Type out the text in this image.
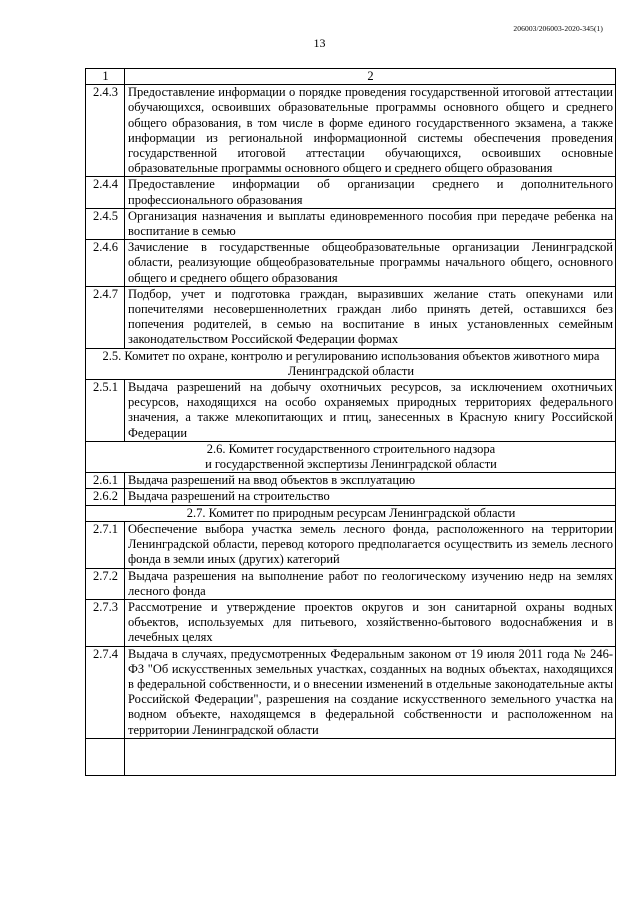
206003/206003-2020-345(1)
13
1	2
2.4.3	Предоставление информации о порядке проведения государственной итоговой аттестации обучающихся, освоивших образовательные программы основного общего и среднего общего образования, в том числе в форме единого государственного экзамена, а также информации из региональной информационной системы обеспечения проведения государственной итоговой аттестации обучающихся, освоивших основные образовательные программы основного общего и среднего общего образования
2.4.4	Предоставление информации об организации среднего и дополнительного профессионального образования
2.4.5	Организация назначения и выплаты единовременного пособия при передаче ребенка на воспитание в семью
2.4.6	Зачисление в государственные общеобразовательные организации Ленинградской области, реализующие общеобразовательные программы начального общего, основного общего и среднего общего образования
2.4.7	Подбор, учет и подготовка граждан, выразивших желание стать опекунами или попечителями несовершеннолетних граждан либо принять детей, оставшихся без попечения родителей, в семью на воспитание в иных установленных семейным законодательством Российской Федерации формах
2.5. Комитет по охране, контролю и регулированию использования объектов животного мира Ленинградской области	
2.5.1	Выдача разрешений на добычу охотничьих ресурсов, за исключением охотничьих ресурсов, находящихся на особо охраняемых природных территориях федерального значения, а также млекопитающих и птиц, занесенных в Красную книгу Российской Федерации

2.6. Комитет государственного строительного надзора
и государственной экспертизы Ленинградской области	

2.6.1	Выдача разрешений на ввод объектов в эксплуатацию
2.6.2	Выдача разрешений на строительство
2.7. Комитет по природным ресурсам Ленинградской области	
2.7.1	Обеспечение выбора участка земель лесного фонда, расположенного на территории Ленинградской области, перевод которого предполагается осуществить из земель лесного фонда в земли иных (других) категорий
2.7.2	Выдача разрешения на выполнение работ по геологическому изучению недр на землях лесного фонда
2.7.3	Рассмотрение и утверждение проектов округов и зон санитарной охраны водных объектов, используемых для питьевого, хозяйственно-бытового водоснабжения и в лечебных целях
2.7.4	Выдача в случаях, предусмотренных Федеральным законом от 19 июля 2011 года № 246-ФЗ "Об искусственных земельных участках, созданных на водных объектах, находящихся в федеральной собственности, и о внесении изменений в отдельные законодательные акты Российской Федерации", разрешения на создание искусственного земельного участка на водном объекте, находящемся в федеральной собственности и расположенном на территории Ленинградской области
